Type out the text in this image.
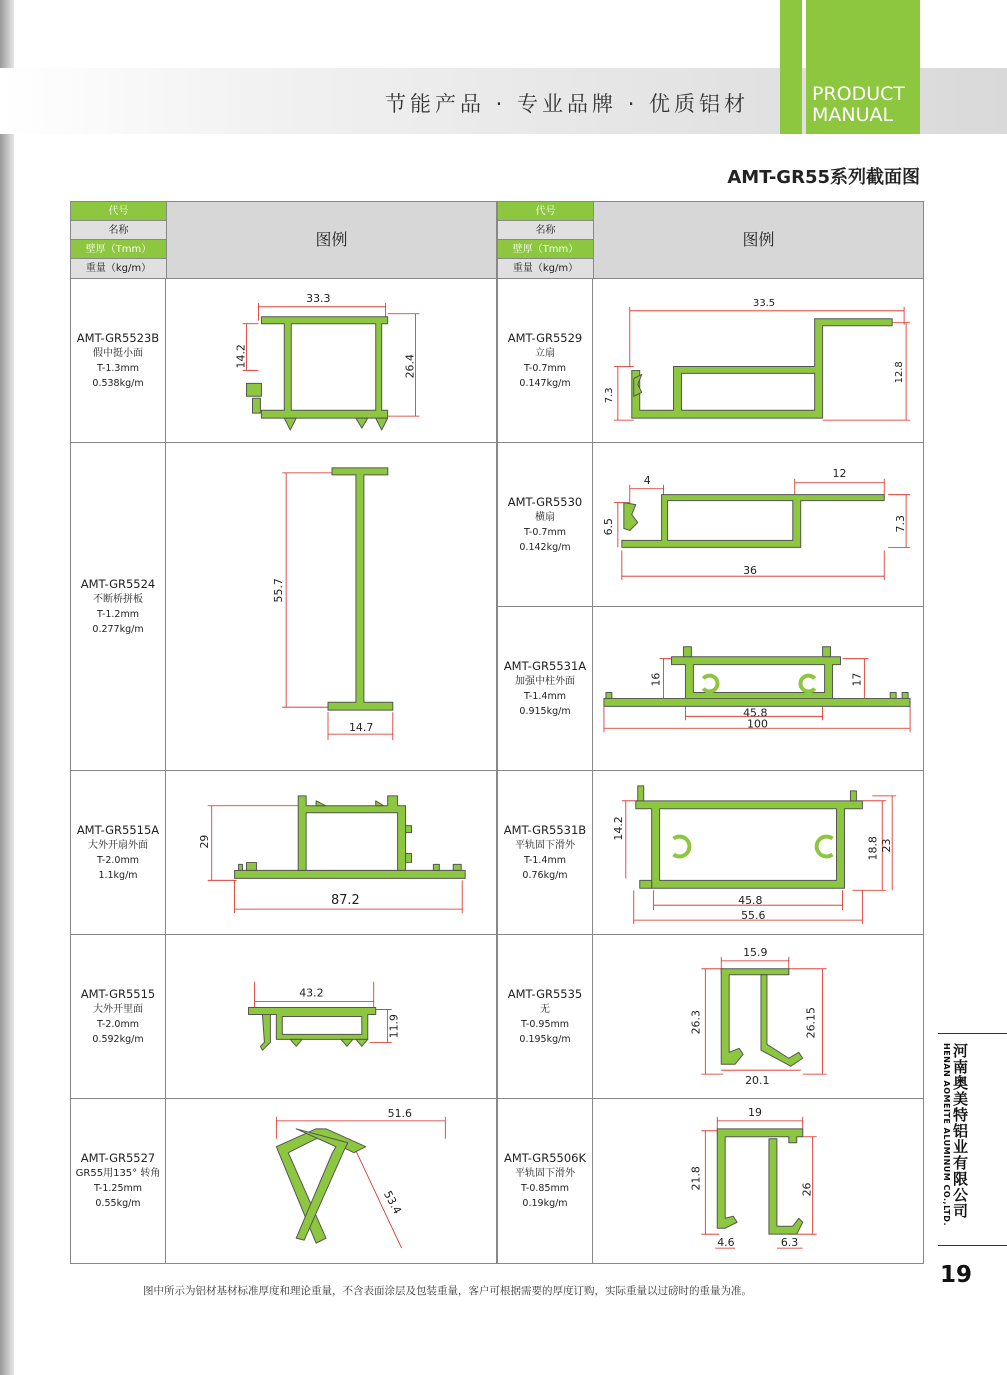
节能产品 · 专业品牌 · 优质铝材	PRODUCT
MANUAL
AMT-GR55系列截面图
代号
名称
壁厚（Tmm）
重量（kg/m）
图例
AMT-GR5523B
假中挺小面
T-1.3mm
0.538kg/m
33.3
14.2	26.4
AMT-GR5524
不断桥拼板
T-1.2mm
0.277kg/m
55.7
14.7
AMT-GR5515A
大外开扇外面
T-2.0mm
1.1kg/m
29
87.2
AMT-GR5515
大外开里面
T-2.0mm
0.592kg/m
43.2
11.9
AMT-GR5527
GR55用135° 转角
T-1.25mm
0.55kg/m
51.6
53.4
代号
名称
壁厚（Tmm）
重量（kg/m）
图例
AMT-GR5529
立扇
T-0.7mm
0.147kg/m
33.5
7.3
12.8
AMT-GR5530
横扇
T-0.7mm
0.142kg/m
4
12
6.5	7.3
36
AMT-GR5531A
加强中柱外面
T-1.4mm
0.915kg/m
16	17
45.8
100
AMT-GR5531B
平轨固下滑外
T-1.4mm
0.76kg/m
14.2
18.8 23
45.8
55.6
AMT-GR5535
无
T-0.95mm
0.195kg/m
15.9
26.3	26.15
20.1
AMT-GR5506K
平轨固下滑外
T-0.85mm
0.19kg/m
19
21.8	26
4.6	6.3
图中所示为铝材基材标准厚度和理论重量，不含表面涂层及包装重量，客户可根据需要的厚度订购，实际重量以过磅时的重量为准。
河南奥美特铝业有限公司
HENAN AOMEITE ALUMINUM CO.,LTD.
19
